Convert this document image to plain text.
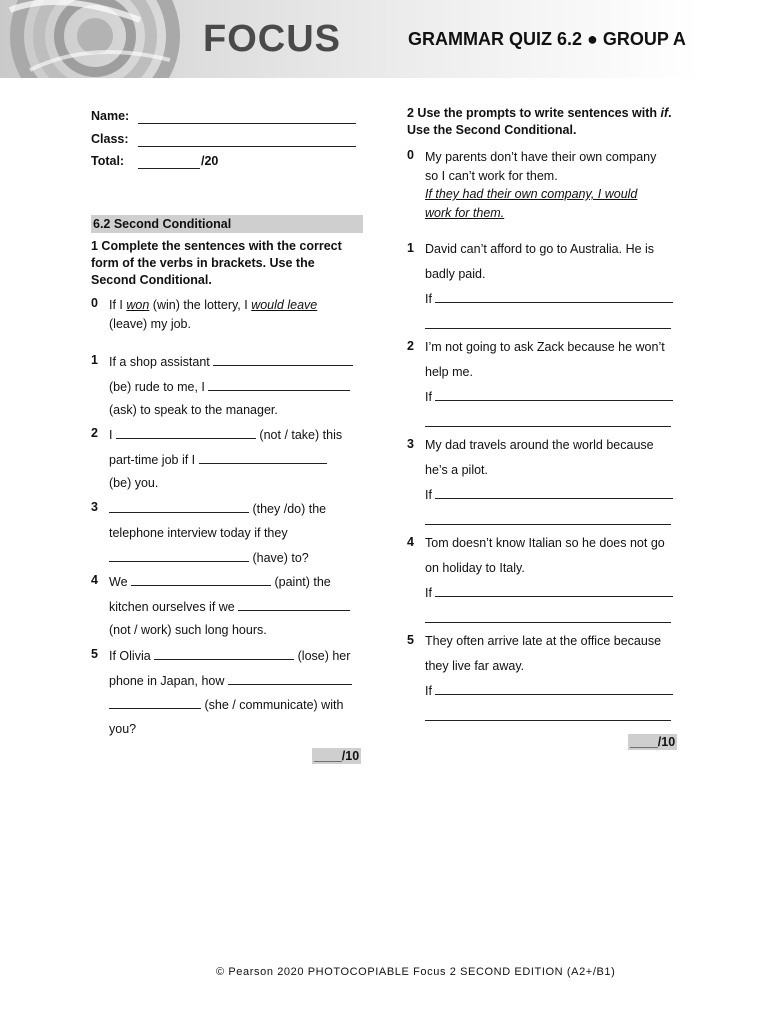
FOCUS	GRAMMAR QUIZ 6.2 ● GROUP A
Name:
Class:
Total:	/20
6.2 Second Conditional
1 Complete the sentences with the correct form of the verbs in brackets. Use the Second Conditional.
0 If I won (win) the lottery, I would leave
(leave) my job.
1 If a shop assistant
(be) rude to me, I
(ask) to speak to the manager.
2 I	(not / take) this
part-time job if I
(be) you.
3	(they /do) the
telephone interview today if they
(have) to?
4 We	(paint) the
kitchen ourselves if we
(not / work) such long hours.
5 If Olivia	(lose) her
phone in Japan, how
(she / communicate) with
you?
____/10
2 Use the prompts to write sentences with if. Use the Second Conditional.
0 My parents don’t have their own company
so I can’t work for them.
If they had their own company, I would
work for them.
1 David can’t afford to go to Australia. He is
badly paid.
If
2 I’m not going to ask Zack because he won’t
help me.
If
3 My dad travels around the world because
he’s a pilot.
If
4 Tom doesn’t know Italian so he does not go
on holiday to Italy.
If
5 They often arrive late at the office because
they live far away.
If
____/10
© Pearson 2020 PHOTOCOPIABLE Focus 2 SECOND EDITION (A2+/B1)
